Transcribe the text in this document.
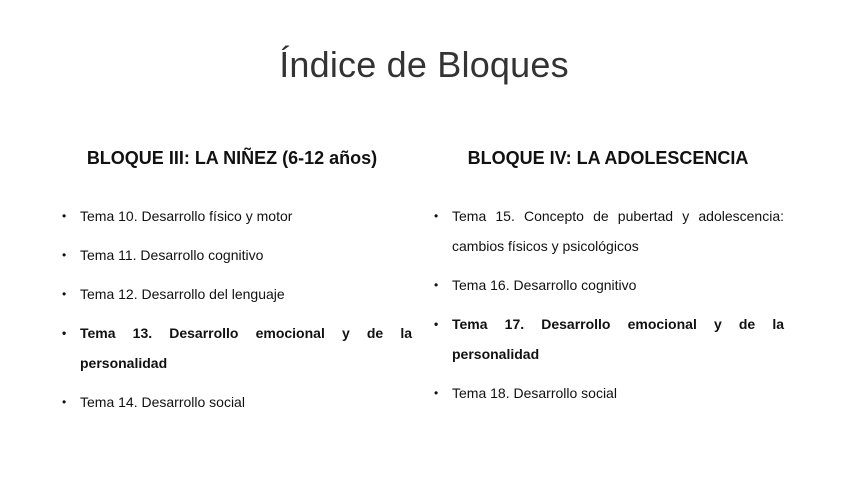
Índice de Bloques
BLOQUE III: LA NIÑEZ (6-12 años)
• Tema 10. Desarrollo físico y motor
• Tema 11. Desarrollo cognitivo
• Tema 12. Desarrollo del lenguaje
• Tema 13. Desarrollo emocional y de la personalidad
• Tema 14. Desarrollo social
BLOQUE IV: LA ADOLESCENCIA
• Tema 15. Concepto de pubertad y adolescencia: cambios físicos y psicológicos
• Tema 16. Desarrollo cognitivo
• Tema 17. Desarrollo emocional y de la personalidad
• Tema 18. Desarrollo social
